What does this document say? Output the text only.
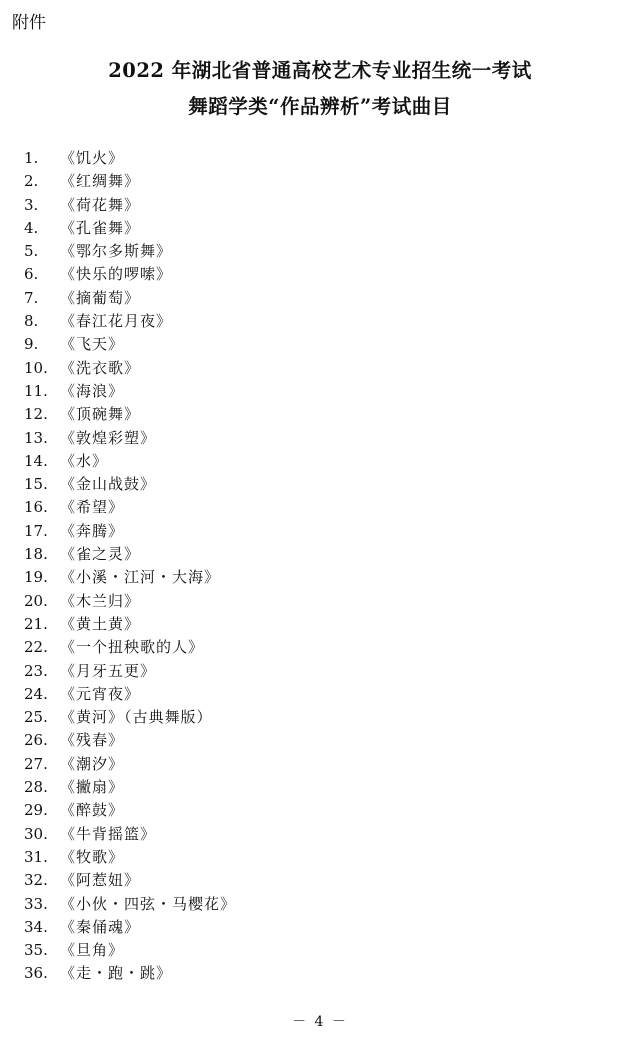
附件
2022 年湖北省普通高校艺术专业招生统一考试
舞蹈学类“作品辨析”考试曲目
1.	《饥火》
2.	《红绸舞》
3.	《荷花舞》
4.	《孔雀舞》
5.	《鄂尔多斯舞》
6.	《快乐的啰嗦》
7.	《摘葡萄》
8.	《春江花月夜》
9.	《飞天》
10. 《洗衣歌》
11. 《海浪》
12. 《顶碗舞》
13. 《敦煌彩塑》
14. 《水》
15. 《金山战鼓》
16. 《希望》
17. 《奔腾》
18. 《雀之灵》
19. 《小溪・江河・大海》
20. 《木兰归》
21. 《黄土黄》
22. 《一个扭秧歌的人》
23. 《月牙五更》
24. 《元宵夜》
25. 《黄河》（古典舞版）
26. 《残春》
27. 《潮汐》
28. 《撇扇》
29. 《醉鼓》
30. 《牛背摇篮》
31. 《牧歌》
32. 《阿惹妞》
33. 《小伙・四弦・马樱花》
34. 《秦俑魂》
35. 《旦角》
36. 《走・跑・跳》
－ 4 －
